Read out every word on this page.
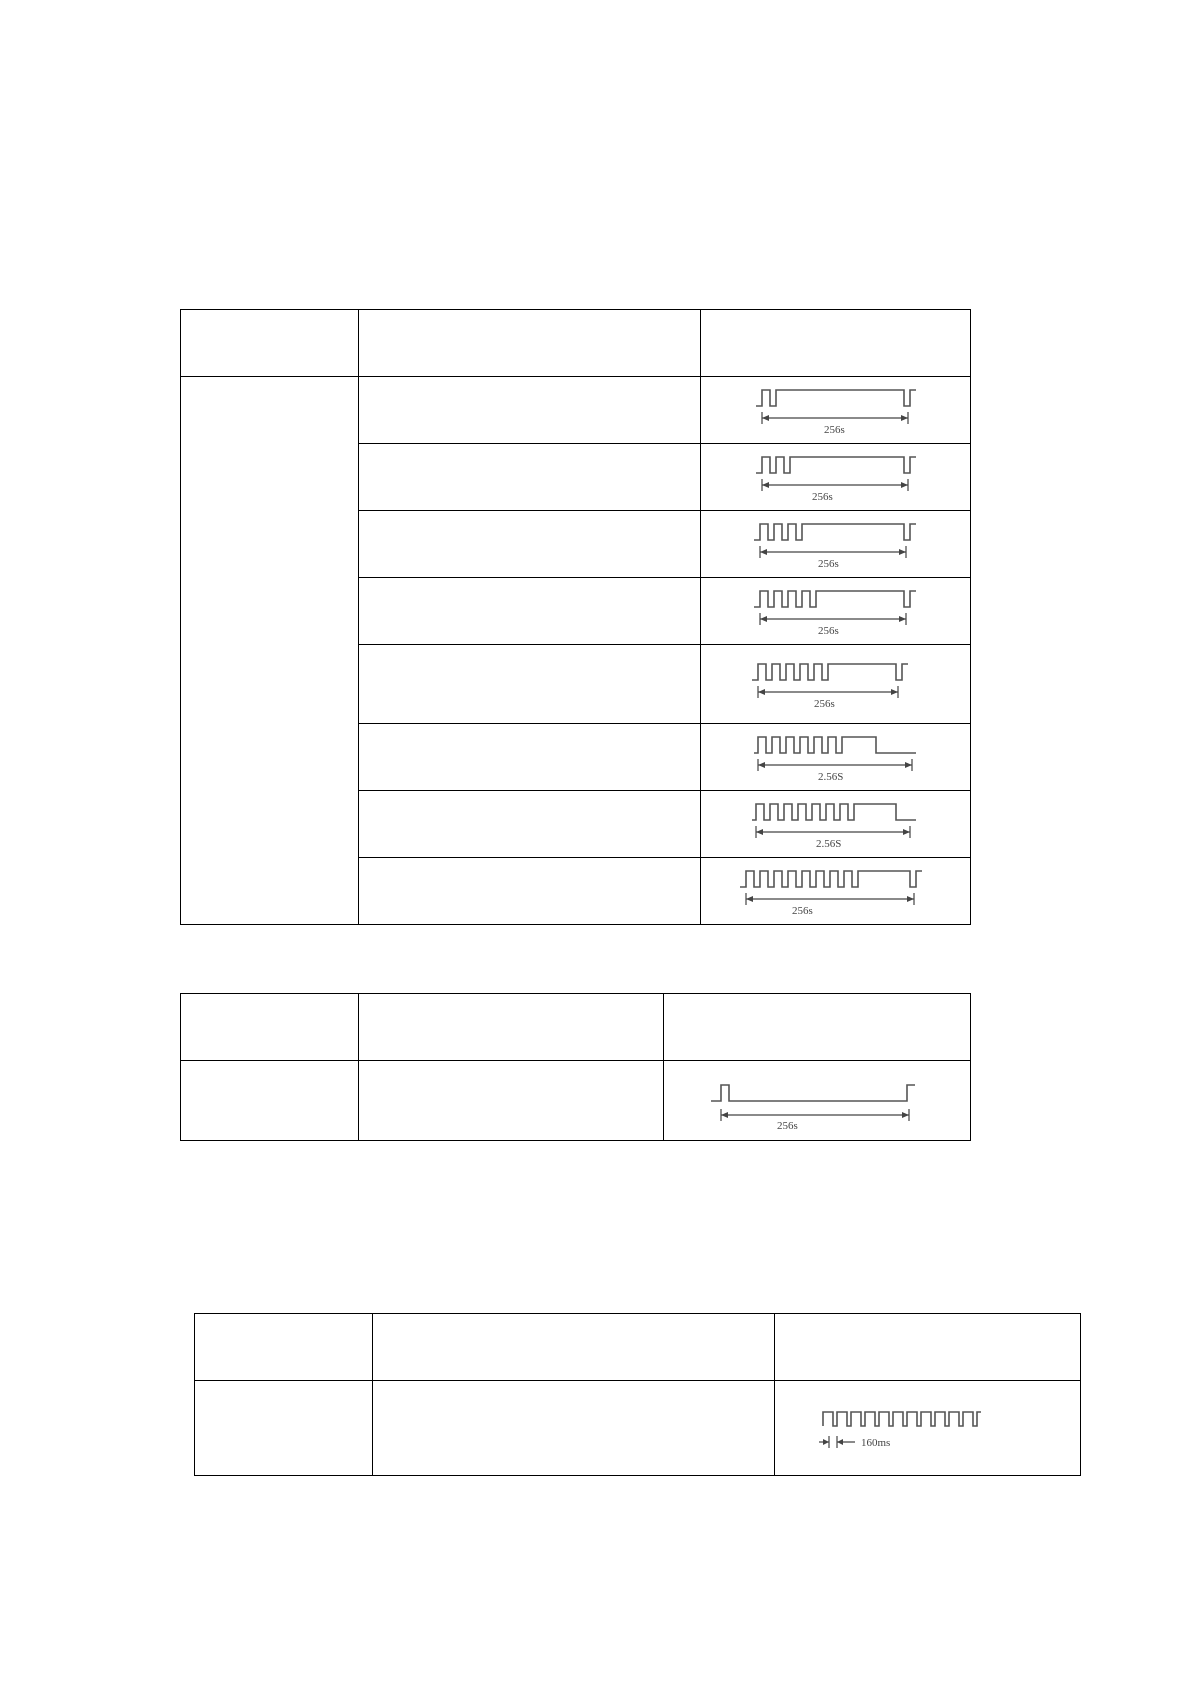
256s

256s

256s

256s

256s

2.56S

2.56S

256s

256s

160ms
